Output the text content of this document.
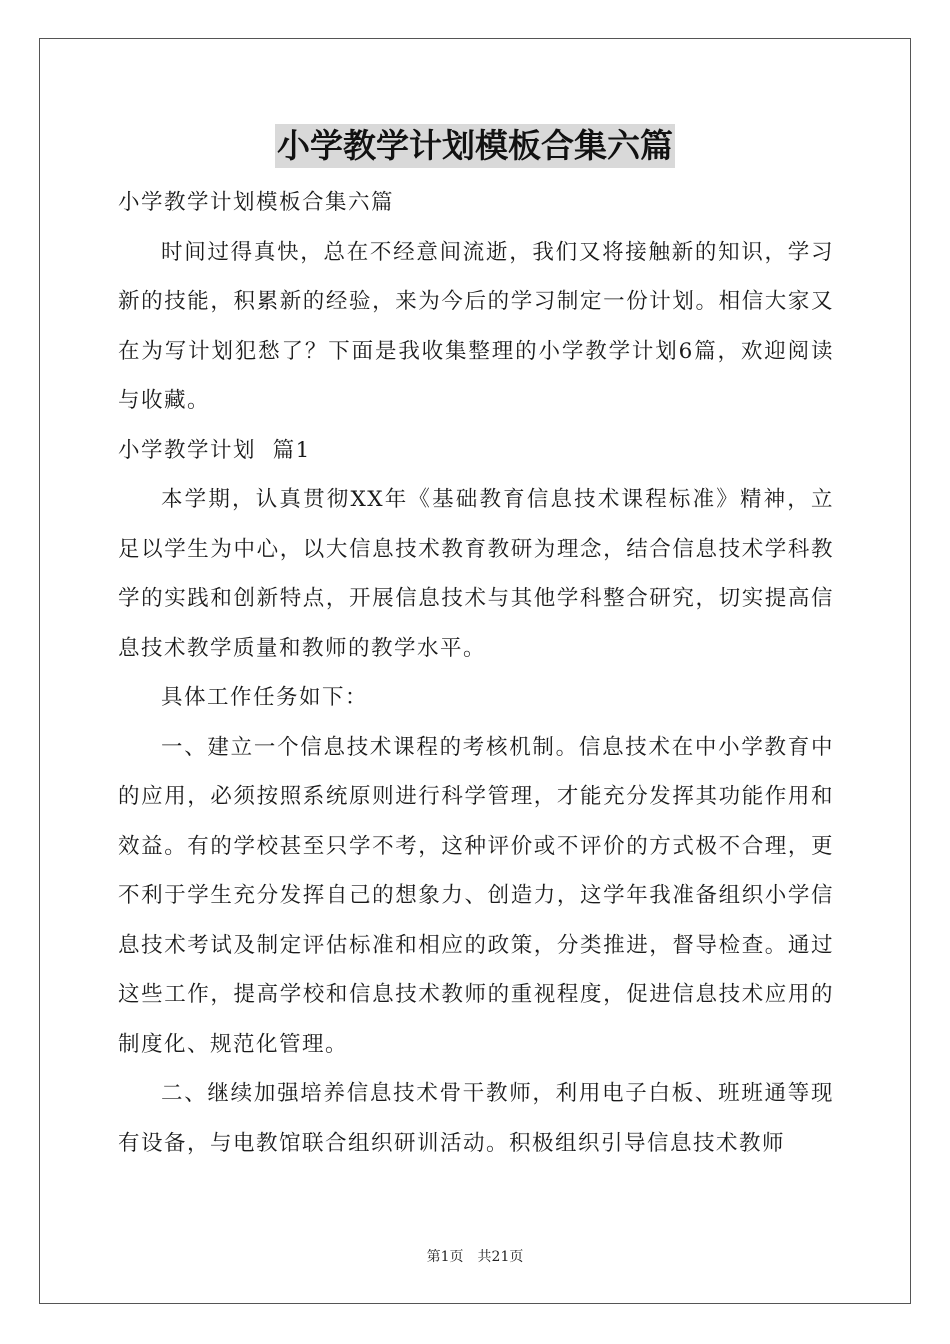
小学教学计划模板合集六篇

小学教学计划模板合集六篇

时间过得真快，总在不经意间流逝，我们又将接触新的知识，学习新的技能，积累新的经验，来为今后的学习制定一份计划。相信大家又在为写计划犯愁了？下面是我收集整理的小学教学计划6篇，欢迎阅读与收藏。

小学教学计划  篇1

本学期，认真贯彻XX年《基础教育信息技术课程标准》精神，立足以学生为中心，以大信息技术教育教研为理念，结合信息技术学科教学的实践和创新特点，开展信息技术与其他学科整合研究，切实提高信息技术教学质量和教师的教学水平。

具体工作任务如下：

一、建立一个信息技术课程的考核机制。信息技术在中小学教育中的应用，必须按照系统原则进行科学管理，才能充分发挥其功能作用和效益。有的学校甚至只学不考，这种评价或不评价的方式极不合理，更不利于学生充分发挥自己的想象力、创造力，这学年我准备组织小学信息技术考试及制定评估标准和相应的政策，分类推进，督导检查。通过这些工作，提高学校和信息技术教师的重视程度，促进信息技术应用的制度化、规范化管理。

二、继续加强培养信息技术骨干教师，利用电子白板、班班通等现有设备，与电教馆联合组织研训活动。积极组织引导信息技术教师

第1页 共21页
